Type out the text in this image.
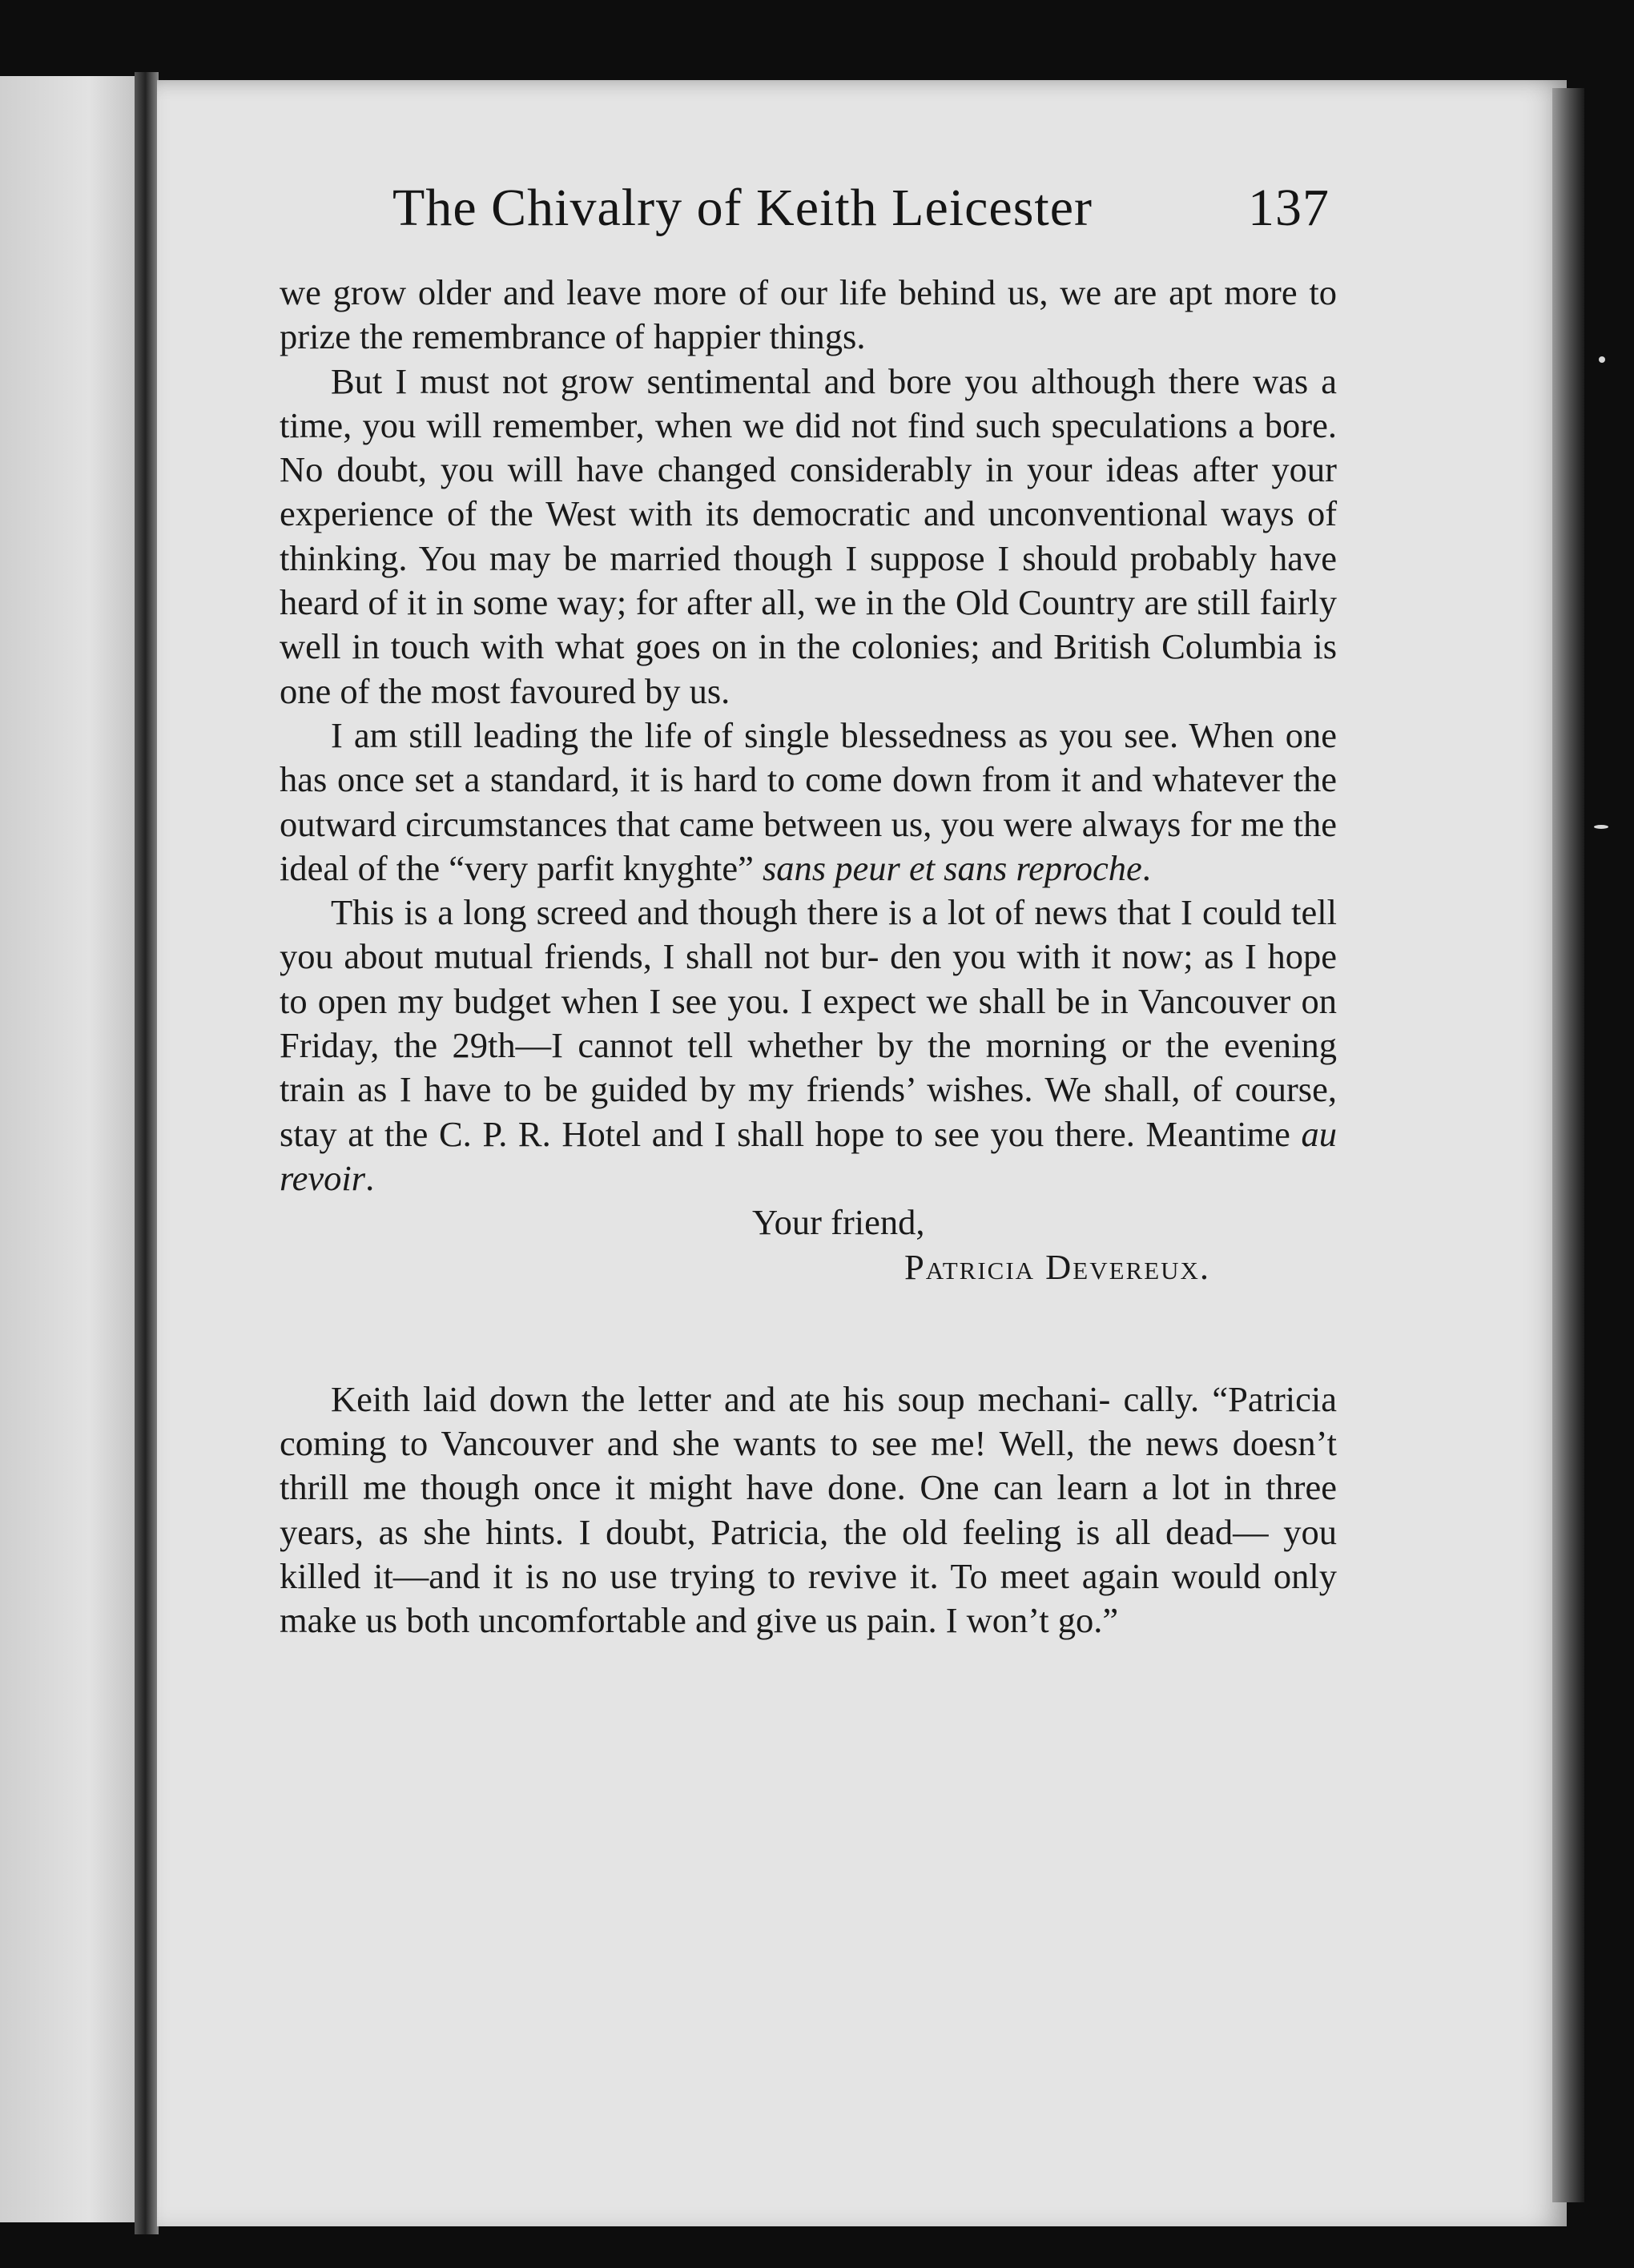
The Chivalry of Keith Leicester	137

we grow older and leave more of our life behind us, we are apt more to prize the remembrance of happier things.

But I must not grow sentimental and bore you although there was a time, you will remember, when we did not find such speculations a bore. No doubt, you will have changed considerably in your ideas after your experience of the West with its democratic and unconventional ways of thinking. You may be married though I suppose I should probably have heard of it in some way; for after all, we in the Old Country are still fairly well in touch with what goes on in the colonies; and British Columbia is one of the most favoured by us.

I am still leading the life of single blessedness as you see. When one has once set a standard, it is hard to come down from it and whatever the outward circumstances that came between us, you were always for me the ideal of the “very parfit knyghte” sans peur et sans reproche.

This is a long screed and though there is a lot of news that I could tell you about mutual friends, I shall not bur- den you with it now; as I hope to open my budget when I see you. I expect we shall be in Vancouver on Friday, the 29th—I cannot tell whether by the morning or the evening train as I have to be guided by my friends’ wishes. We shall, of course, stay at the C. P. R. Hotel and I shall hope to see you there. Meantime au revoir.

Your friend,

Patricia Devereux.

Keith laid down the letter and ate his soup mechani- cally. “Patricia coming to Vancouver and she wants to see me! Well, the news doesn’t thrill me though once it might have done. One can learn a lot in three years, as she hints. I doubt, Patricia, the old feeling is all dead— you killed it—and it is no use trying to revive it. To meet again would only make us both uncomfortable and give us pain. I won’t go.”
